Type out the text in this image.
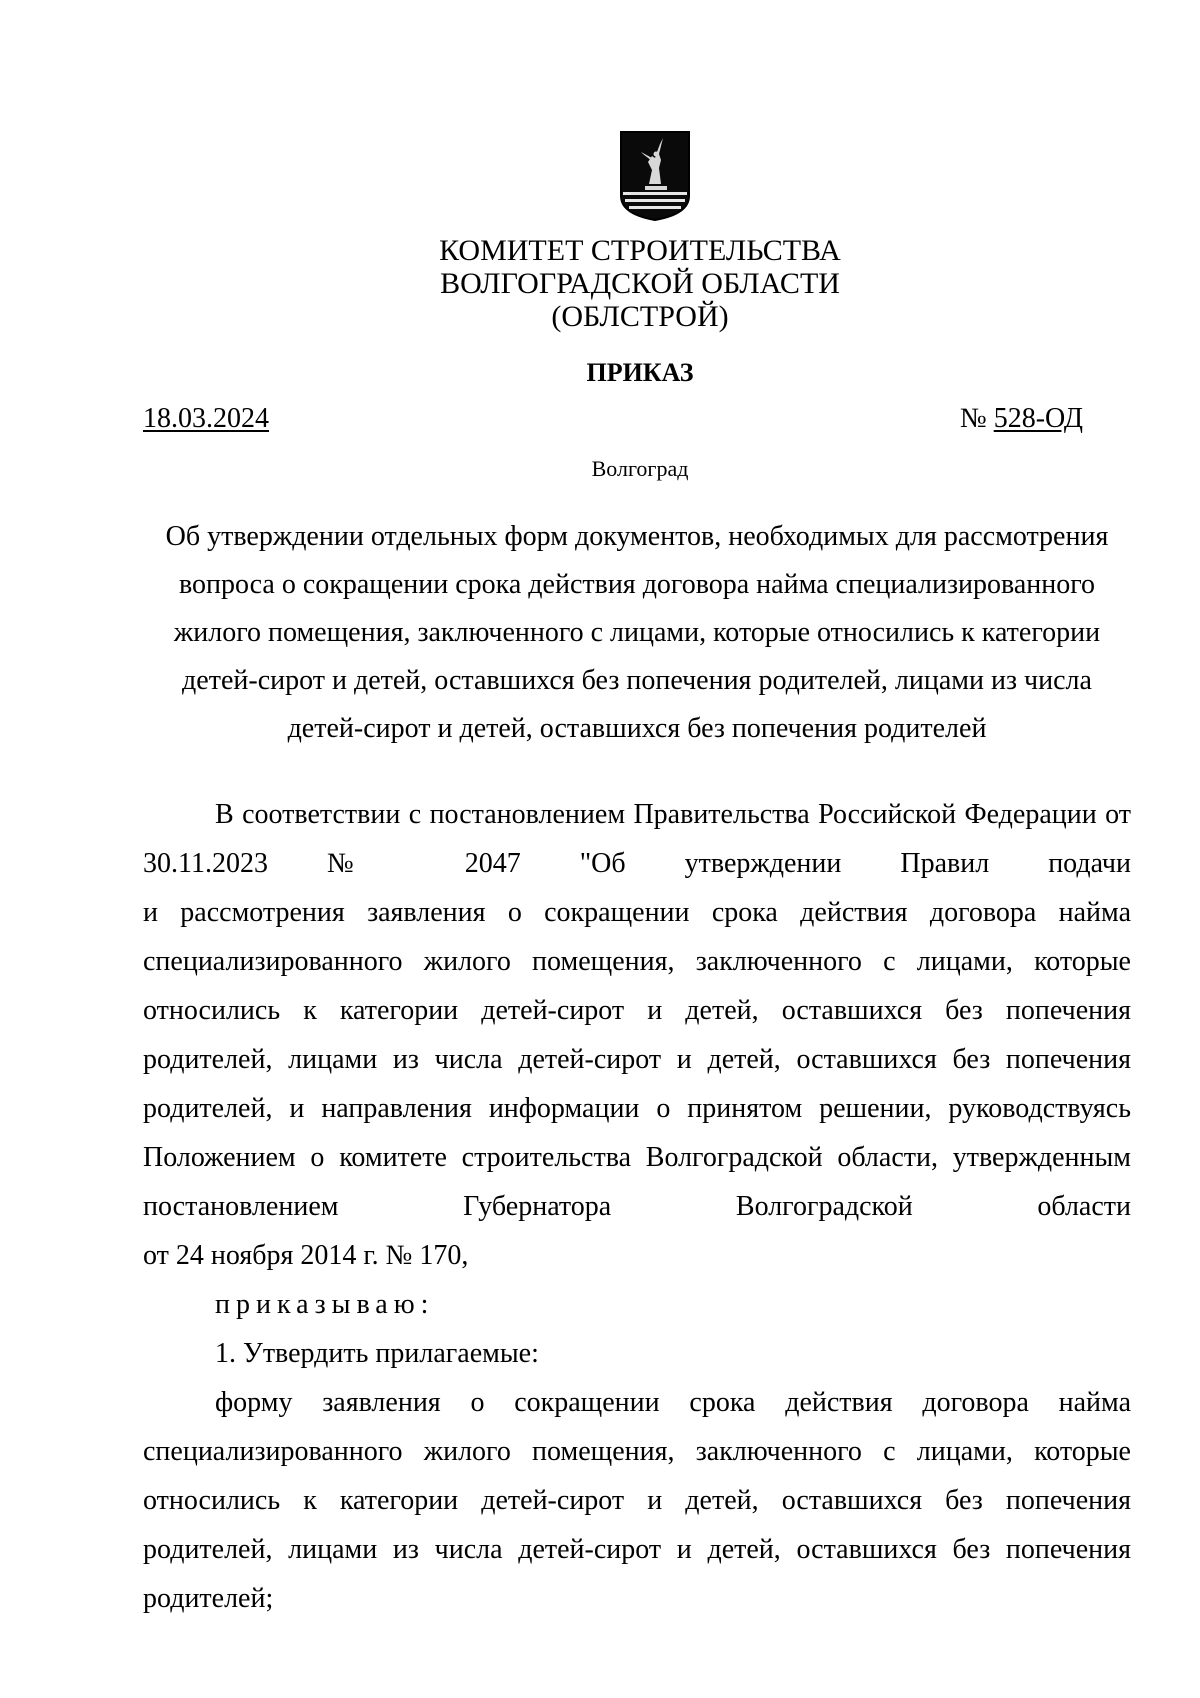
КОМИТЕТ СТРОИТЕЛЬСТВА
ВОЛГОГРАДСКОЙ ОБЛАСТИ
(ОБЛСТРОЙ)
ПРИКАЗ
18.03.2024	№ 528-ОД
Волгоград
Об утверждении отдельных форм документов, необходимых для рассмотрения
вопроса о сокращении срока действия договора найма специализированного
жилого помещения, заключенного с лицами, которые относились к категории
детей-сирот и детей, оставшихся без попечения родителей, лицами из числа
детей-сирот и детей, оставшихся без попечения родителей
В соответствии с постановлением Правительства Российской Федерации от
30.11.2023 № 2047 "Об утверждении Правил подачи
и рассмотрения заявления о сокращении срока действия договора найма
специализированного жилого помещения, заключенного с лицами, которые
относились к категории детей-сирот и детей, оставшихся без попечения
родителей, лицами из числа детей-сирот и детей, оставшихся без попечения
родителей, и направления информации о принятом решении, руководствуясь
Положением о комитете строительства Волгоградской области, утвержденным
постановлением Губернатора Волгоградской области
от 24 ноября 2014 г. № 170,
приказываю:
1. Утвердить прилагаемые:
форму заявления о сокращении срока действия договора найма
специализированного жилого помещения, заключенного с лицами, которые
относились к категории детей-сирот и детей, оставшихся без попечения
родителей, лицами из числа детей-сирот и детей, оставшихся без попечения
родителей;
